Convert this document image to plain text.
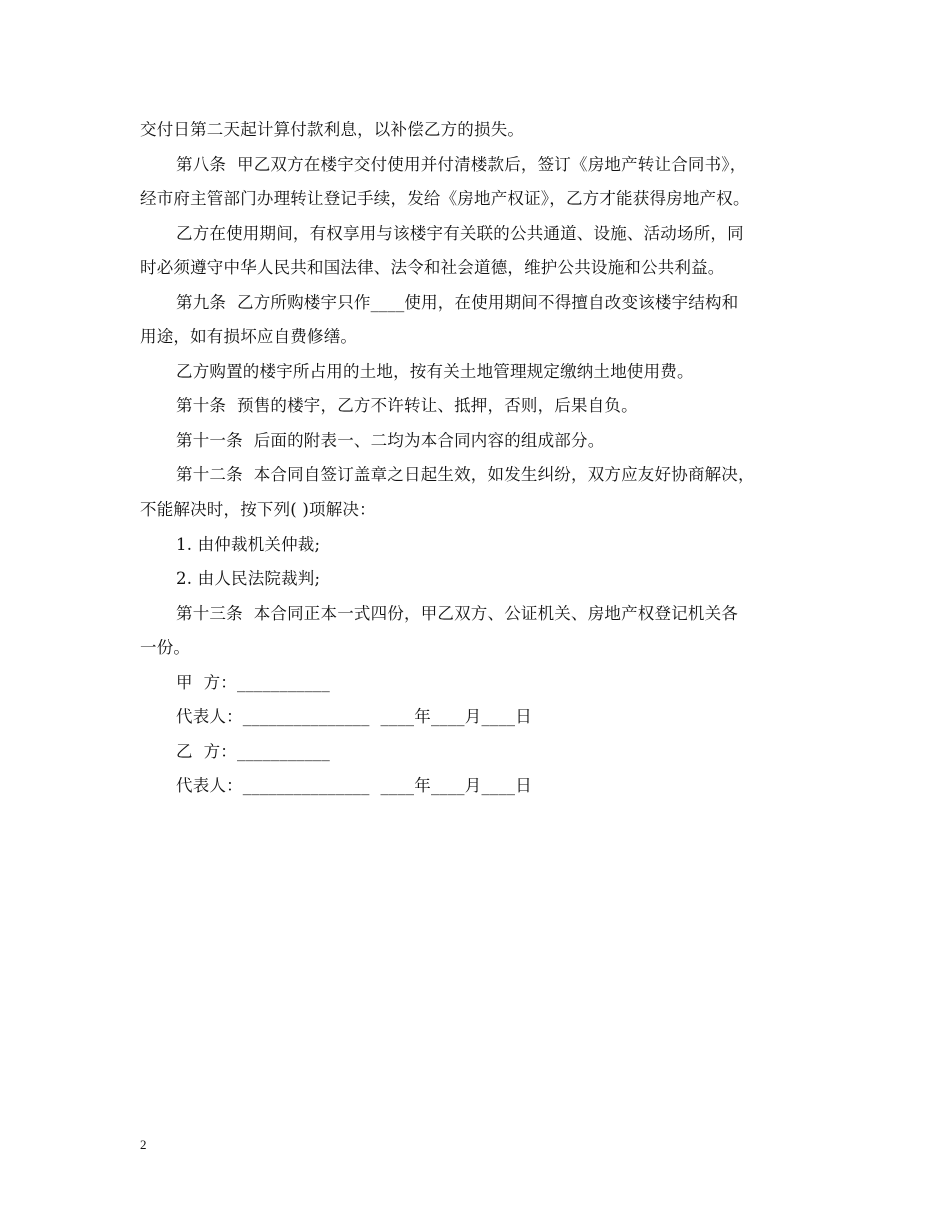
交付日第二天起计算付款利息，以补偿乙方的损失。
第八条  甲乙双方在楼宇交付使用并付清楼款后，签订《房地产转让合同书》，
经市府主管部门办理转让登记手续，发给《房地产权证》，乙方才能获得房地产权。
乙方在使用期间，有权享用与该楼宇有关联的公共通道、设施、活动场所，同
时必须遵守中华人民共和国法律、法令和社会道德，维护公共设施和公共利益。
第九条  乙方所购楼宇只作____使用，在使用期间不得擅自改变该楼宇结构和
用途，如有损坏应自费修缮。
乙方购置的楼宇所占用的土地，按有关土地管理规定缴纳土地使用费。
第十条  预售的楼宇，乙方不许转让、抵押，否则，后果自负。
第十一条  后面的附表一、二均为本合同内容的组成部分。
第十二条  本合同自签订盖章之日起生效，如发生纠纷，双方应友好协商解决，
不能解决时，按下列( )项解决：
1. 由仲裁机关仲裁;
2. 由人民法院裁判;
第十三条  本合同正本一式四份，甲乙双方、公证机关、房地产权登记机关各
一份。
甲  方：___________
代表人：_______________  ____年____月____日
乙  方：___________
代表人：_______________  ____年____月____日
2
